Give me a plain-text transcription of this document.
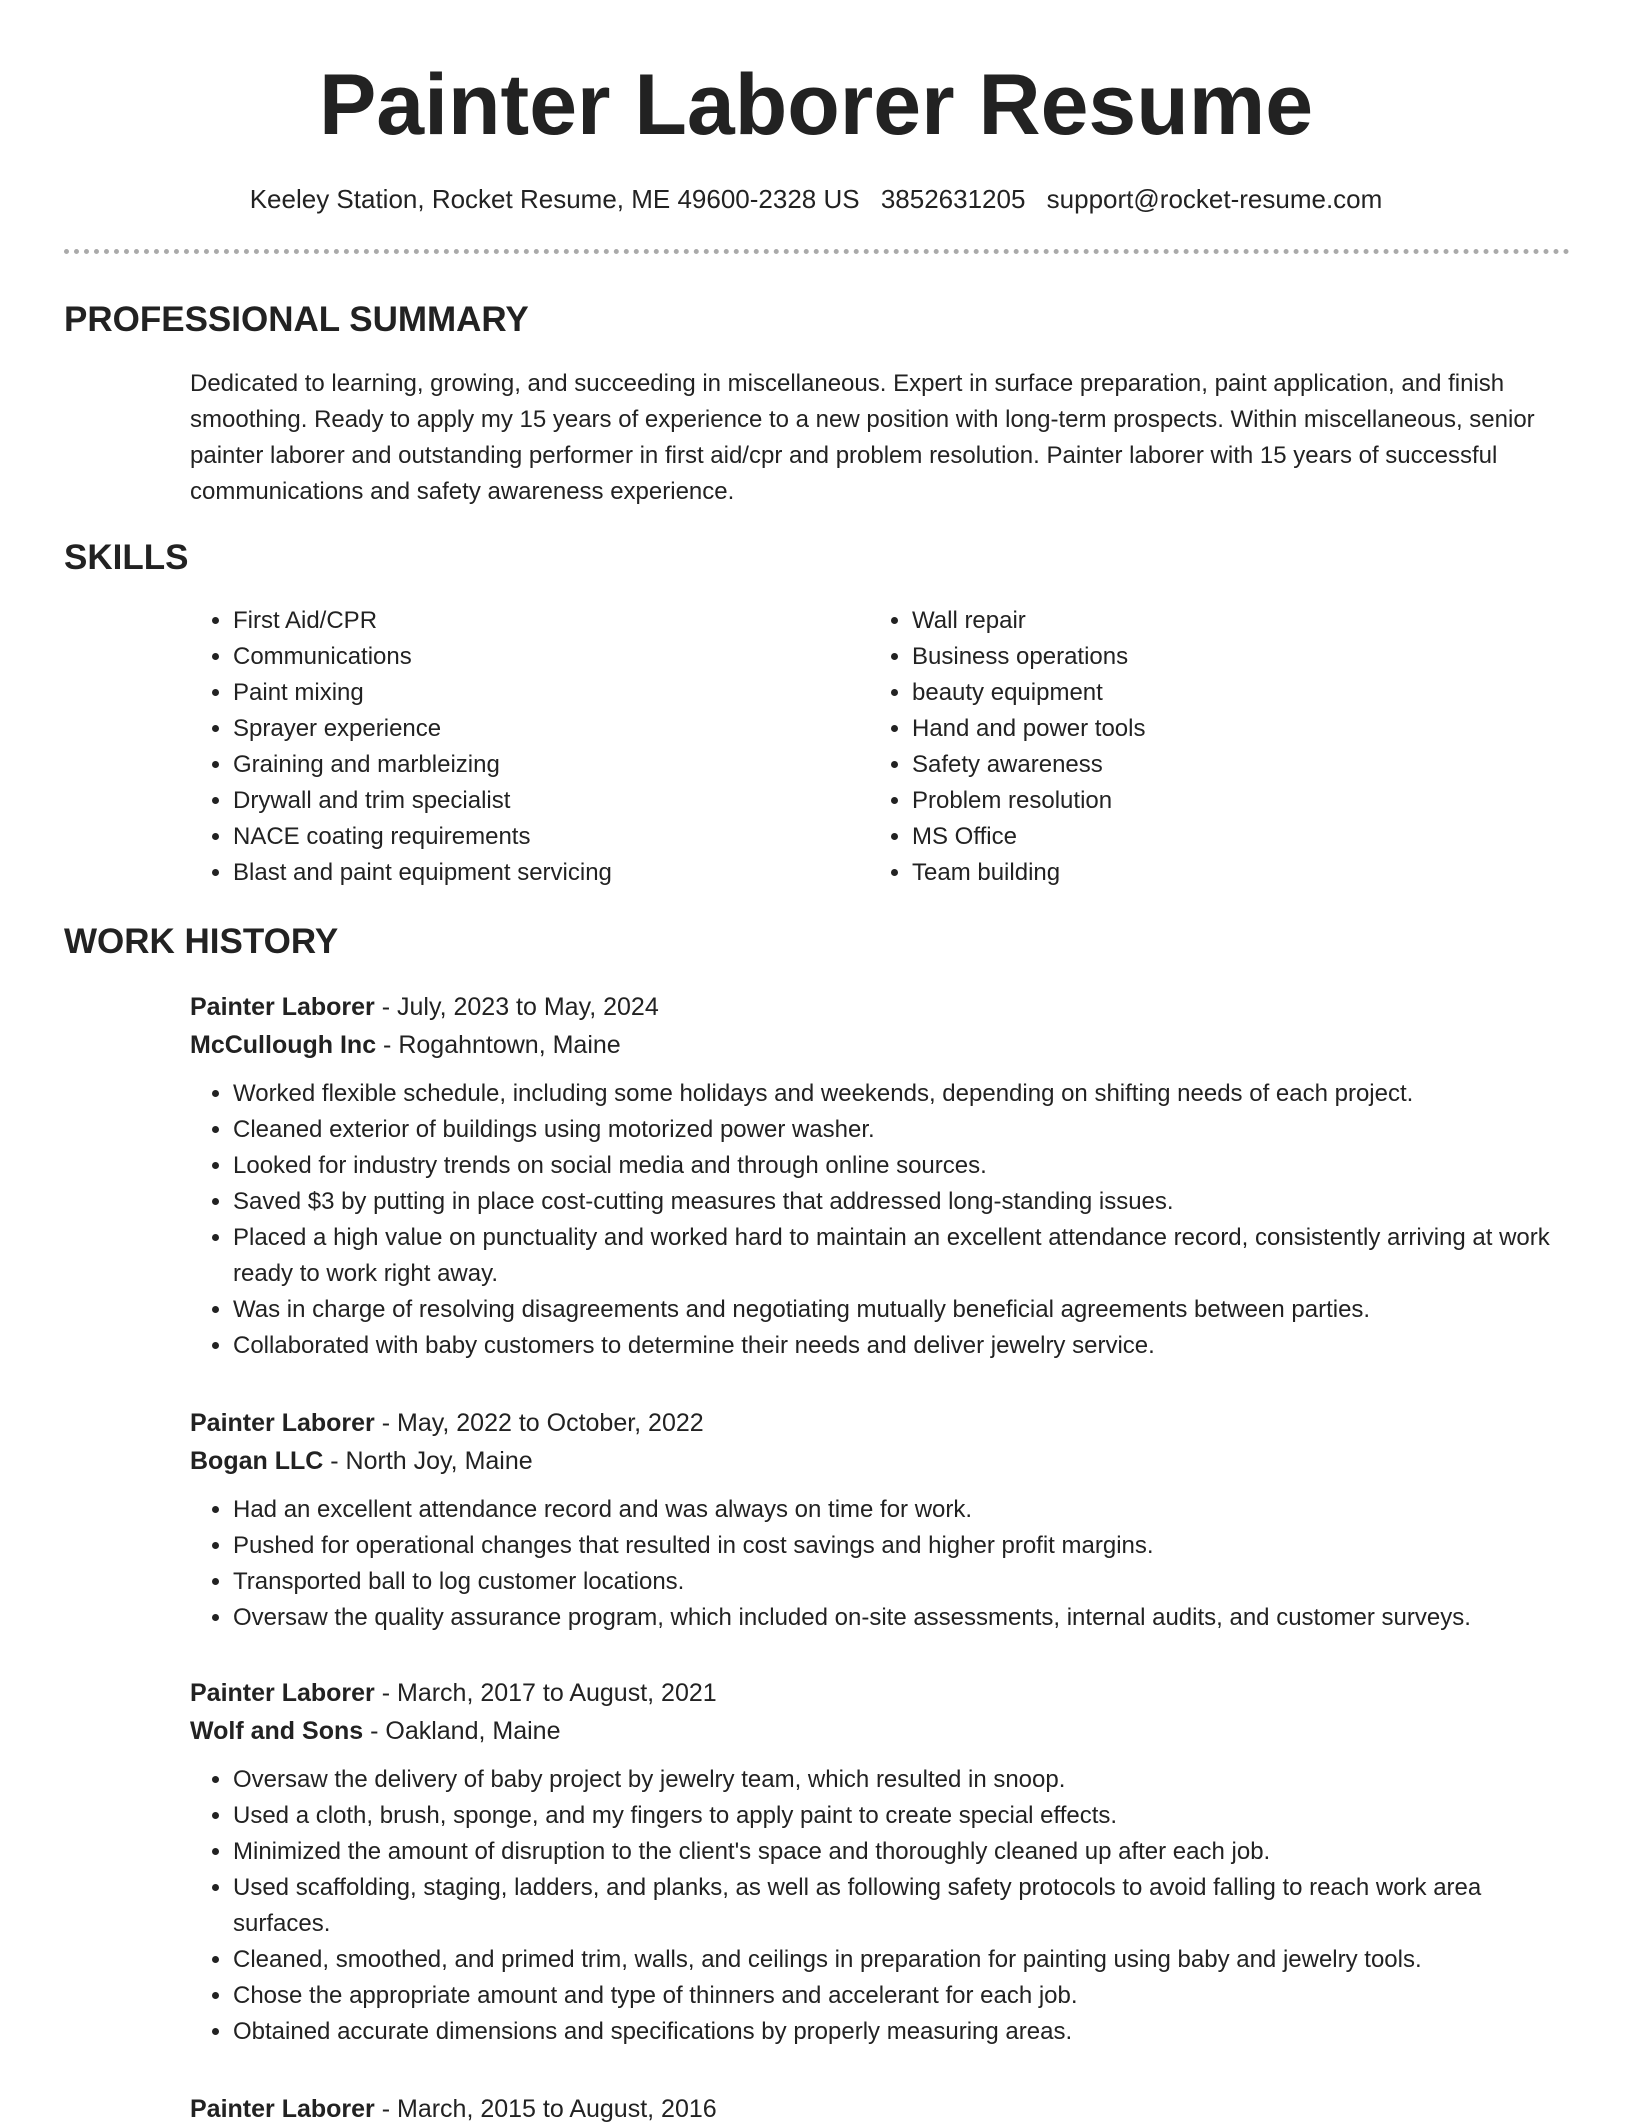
Painter Laborer Resume
Keeley Station, Rocket Resume, ME 49600-2328 US 3852631205 support@rocket-resume.com
PROFESSIONAL SUMMARY
Dedicated to learning, growing, and succeeding in miscellaneous. Expert in surface preparation, paint application, and finish smoothing. Ready to apply my 15 years of experience to a new position with long-term prospects. Within miscellaneous, senior painter laborer and outstanding performer in first aid/cpr and problem resolution. Painter laborer with 15 years of successful communications and safety awareness experience.
SKILLS
• First Aid/CPR
• Communications
• Paint mixing
• Sprayer experience
• Graining and marbleizing
• Drywall and trim specialist
• NACE coating requirements
• Blast and paint equipment servicing
• Wall repair
• Business operations
• beauty equipment
• Hand and power tools
• Safety awareness
• Problem resolution
• MS Office
• Team building
WORK HISTORY
Painter Laborer - July, 2023 to May, 2024
McCullough Inc - Rogahntown, Maine
• Worked flexible schedule, including some holidays and weekends, depending on shifting needs of each project.
• Cleaned exterior of buildings using motorized power washer.
• Looked for industry trends on social media and through online sources.
• Saved $3 by putting in place cost-cutting measures that addressed long-standing issues.
• Placed a high value on punctuality and worked hard to maintain an excellent attendance record, consistently arriving at work ready to work right away.
• Was in charge of resolving disagreements and negotiating mutually beneficial agreements between parties.
• Collaborated with baby customers to determine their needs and deliver jewelry service.
Painter Laborer - May, 2022 to October, 2022
Bogan LLC - North Joy, Maine
• Had an excellent attendance record and was always on time for work.
• Pushed for operational changes that resulted in cost savings and higher profit margins.
• Transported ball to log customer locations.
• Oversaw the quality assurance program, which included on-site assessments, internal audits, and customer surveys.
Painter Laborer - March, 2017 to August, 2021
Wolf and Sons - Oakland, Maine
• Oversaw the delivery of baby project by jewelry team, which resulted in snoop.
• Used a cloth, brush, sponge, and my fingers to apply paint to create special effects.
• Minimized the amount of disruption to the client's space and thoroughly cleaned up after each job.
• Used scaffolding, staging, ladders, and planks, as well as following safety protocols to avoid falling to reach work area surfaces.
• Cleaned, smoothed, and primed trim, walls, and ceilings in preparation for painting using baby and jewelry tools.
• Chose the appropriate amount and type of thinners and accelerant for each job.
• Obtained accurate dimensions and specifications by properly measuring areas.
Painter Laborer - March, 2015 to August, 2016
